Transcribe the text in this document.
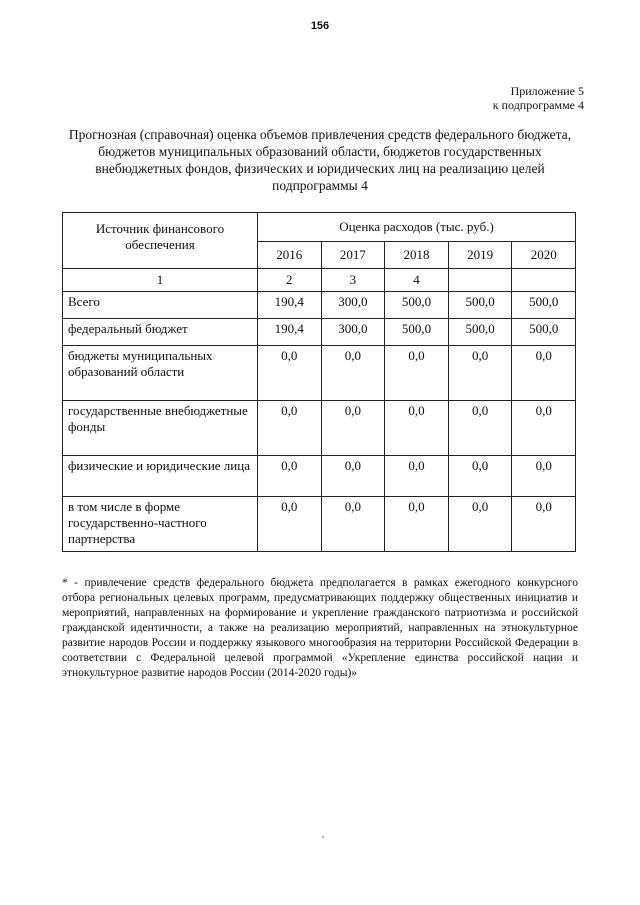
156
Приложение 5
к подпрограмме 4
Прогнозная (справочная) оценка объемов привлечения средств федерального бюджета, бюджетов муниципальных образований области, бюджетов государственных внебюджетных фондов, физических и юридических лиц на реализацию целей подпрограммы 4
Источник финансового обеспечения	Оценка расходов (тыс. руб.)				
	2016	2017	2018	2019	2020
1	2	3	4		
Всего	190,4	300,0	500,0	500,0	500,0
федеральный бюджет	190,4	300,0	500,0	500,0	500,0
бюджеты муниципальных образований области	0,0	0,0	0,0	0,0	0,0
государственные внебюджетные фонды	0,0	0,0	0,0	0,0	0,0
физические и юридические лица	0,0	0,0	0,0	0,0	0,0
в том числе в форме государственно-частного партнерства	0,0	0,0	0,0	0,0	0,0
* - привлечение средств федерального бюджета предполагается в рамках ежегодного конкурсного отбора региональных целевых программ, предусматривающих поддержку общественных инициатив и мероприятий, направленных на формирование и укрепление гражданского патриотизма и российской гражданской идентичности, а также на реализацию мероприятий, направленных на этнокультурное развитие народов России и поддержку языкового многообразия на территории Российской Федерации в соответствии с Федеральной целевой программой «Укрепление единства российской нации и этнокультурное развитие народов России (2014-2020 годы)»
